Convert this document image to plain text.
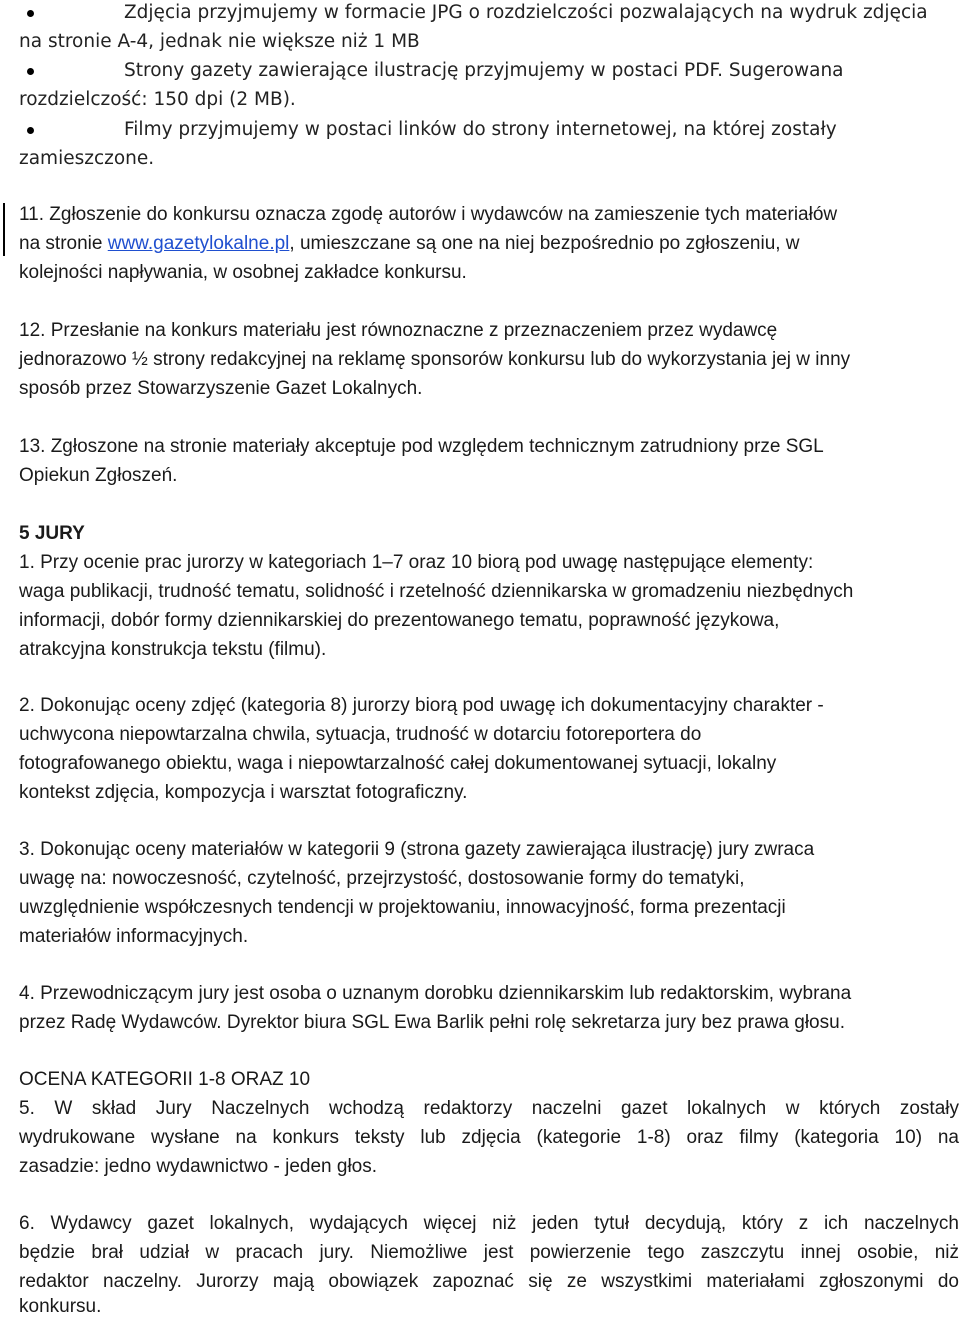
Zdjęcia przyjmujemy w formacie JPG o rozdzielczości pozwalających na wydruk zdjęcia
na stronie A-4, jednak nie większe niż 1 MB
Strony gazety zawierające ilustrację przyjmujemy w postaci PDF. Sugerowana
rozdzielczość: 150 dpi (2 MB).
Filmy przyjmujemy w postaci linków do strony internetowej, na której zostały
zamieszczone.
11. Zgłoszenie do konkursu oznacza zgodę autorów i wydawców na zamieszenie tych materiałów
na stronie www.gazetylokalne.pl, umieszczane są one na niej bezpośrednio po zgłoszeniu, w
kolejności napływania, w osobnej zakładce konkursu.
12. Przesłanie na konkurs materiału jest równoznaczne z przeznaczeniem przez wydawcę
jednorazowo ½ strony redakcyjnej na reklamę sponsorów konkursu lub do wykorzystania jej w inny
sposób przez Stowarzyszenie Gazet Lokalnych.
13. Zgłoszone na stronie materiały akceptuje pod względem technicznym zatrudniony prze SGL
Opiekun Zgłoszeń.
5 JURY
1. Przy ocenie prac jurorzy w kategoriach 1–7 oraz 10 biorą pod uwagę następujące elementy:
waga publikacji, trudność tematu, solidność i rzetelność dziennikarska w gromadzeniu niezbędnych
informacji, dobór formy dziennikarskiej do prezentowanego tematu, poprawność językowa,
atrakcyjna konstrukcja tekstu (filmu).
2. Dokonując oceny zdjęć (kategoria 8) jurorzy biorą pod uwagę ich dokumentacyjny charakter -
uchwycona niepowtarzalna chwila, sytuacja, trudność w dotarciu fotoreportera do
fotografowanego obiektu, waga i niepowtarzalność całej dokumentowanej sytuacji, lokalny
kontekst zdjęcia, kompozycja i warsztat fotograficzny.
3. Dokonując oceny materiałów w kategorii 9 (strona gazety zawierająca ilustrację) jury zwraca
uwagę na: nowoczesność, czytelność, przejrzystość, dostosowanie formy do tematyki,
uwzględnienie współczesnych tendencji w projektowaniu, innowacyjność, forma prezentacji
materiałów informacyjnych.
4. Przewodniczącym jury jest osoba o uznanym dorobku dziennikarskim lub redaktorskim, wybrana
przez Radę Wydawców. Dyrektor biura SGL Ewa Barlik pełni rolę sekretarza jury bez prawa głosu.
OCENA KATEGORII 1-8 ORAZ 10
5. W skład Jury Naczelnych wchodzą redaktorzy naczelni gazet lokalnych w których zostały
wydrukowane wysłane na konkurs teksty lub zdjęcia (kategorie 1-8) oraz filmy (kategoria 10) na
zasadzie: jedno wydawnictwo - jeden głos.
6. Wydawcy gazet lokalnych, wydających więcej niż jeden tytuł decydują, który z ich naczelnych
będzie brał udział w pracach jury. Niemożliwe jest powierzenie tego zaszczytu innej osobie, niż
redaktor naczelny. Jurorzy mają obowiązek zapoznać się ze wszystkimi materiałami zgłoszonymi do
konkursu.
